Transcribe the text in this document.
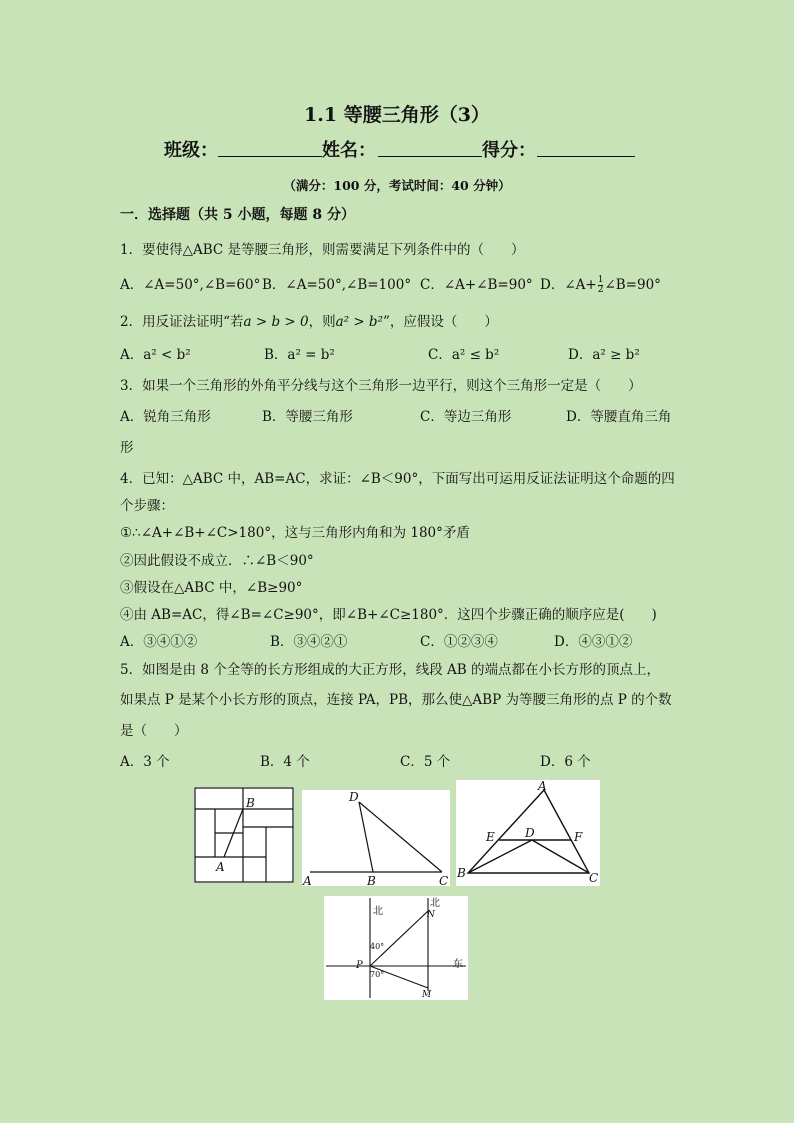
1.1 等腰三角形（3）
班级：	姓名：	得分：
（满分：100 分，考试时间：40 分钟）
一．选择题（共 5 小题，每题 8 分）
1．要使得△ABC 是等腰三角形，则需要满足下列条件中的（　　）
A．∠A=50°,∠B=60° B．∠A=50°,∠B=100° C．∠A+∠B=90° D．∠A+ $\frac{1}{2}$ ∠B=90°
2．用反证法证明“若a > b > 0，则a² > b²”，应假设（　　）
A．a² < b²	B．a² = b²	C．a² ≤ b²	D．a² ≥ b²
3．如果一个三角形的外角平分线与这个三角形一边平行，则这个三角形一定是（　　）
A．锐角三角形	B．等腰三角形	C．等边三角形	D．等腰直角三角
形
4．已知：△ABC 中，AB=AC，求证：∠B＜90°，下面写出可运用反证法证明这个命题的四
个步骤：
①∴∠A+∠B+∠C>180°，这与三角形内角和为 180°矛盾
②因此假设不成立．∴∠B＜90°
③假设在△ABC 中，∠B≥90°
④由 AB=AC，得∠B=∠C≥90°，即∠B+∠C≥180°．这四个步骤正确的顺序应是(　　)
A．③④①②	B．③④②①	C．①②③④	D．④③①②
5．如图是由 8 个全等的长方形组成的大正方形，线段 AB 的端点都在小长方形的顶点上，
如果点 P 是某个小长方形的顶点，连接 PA，PB，那么使△ABP 为等腰三角形的点 P 的个数
是（　　）
A．3 个	B．4 个	C．5 个	D．6 个
A
B
A	B	C
D
A
B	C
D
E	F
北
北
东
40°
70°
N
P
M
